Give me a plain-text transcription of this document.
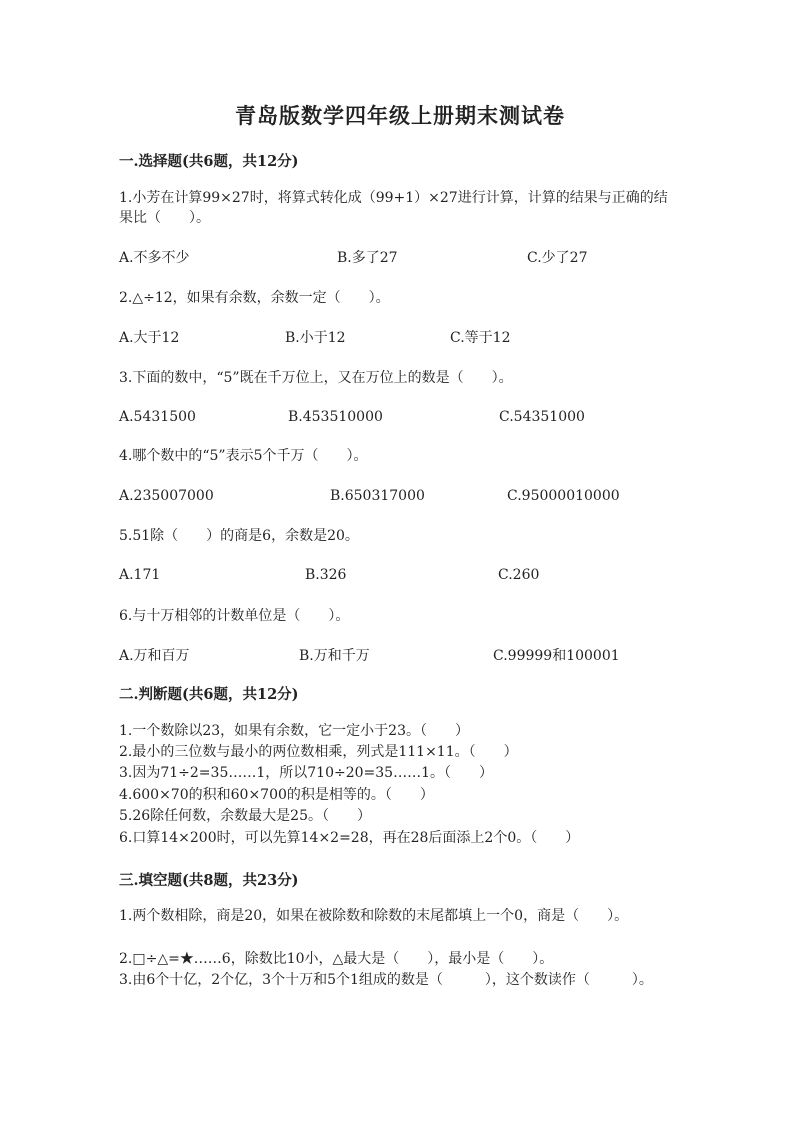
青岛版数学四年级上册期末测试卷
一.选择题(共6题，共12分)
1.小芳在计算99×27时，将算式转化成（99+1）×27进行计算，计算的结果与正确的结果比（　　）。
A.不多不少	B.多了27	C.少了27
2.△÷12，如果有余数，余数一定（　　）。
A.大于12	B.小于12	C.等于12
3.下面的数中，“5”既在千万位上，又在万位上的数是（　　）。
A.5431500	B.453510000	C.54351000
4.哪个数中的“5”表示5个千万（　　）。
A.235007000	B.650317000	C.95000010000
5.51除（　　）的商是6，余数是20。
A.171	B.326	C.260
6.与十万相邻的计数单位是（　　）。
A.万和百万	B.万和千万	C.99999和100001
二.判断题(共6题，共12分)
1.一个数除以23，如果有余数，它一定小于23。（　　）
2.最小的三位数与最小的两位数相乘，列式是111×11。（　　）
3.因为71÷2=35……1，所以710÷20=35……1。（　　）
4.600×70的积和60×700的积是相等的。（　　）
5.26除任何数，余数最大是25。（　　）
6.口算14×200时，可以先算14×2=28，再在28后面添上2个0。（　　）
三.填空题(共8题，共23分)
1.两个数相除，商是20，如果在被除数和除数的末尾都填上一个0，商是（　　）。
2.□÷△=★……6，除数比10小，△最大是（　　），最小是（　　）。
3.由6个十亿，2个亿，3个十万和5个1组成的数是（　　　），这个数读作（　　　）。
